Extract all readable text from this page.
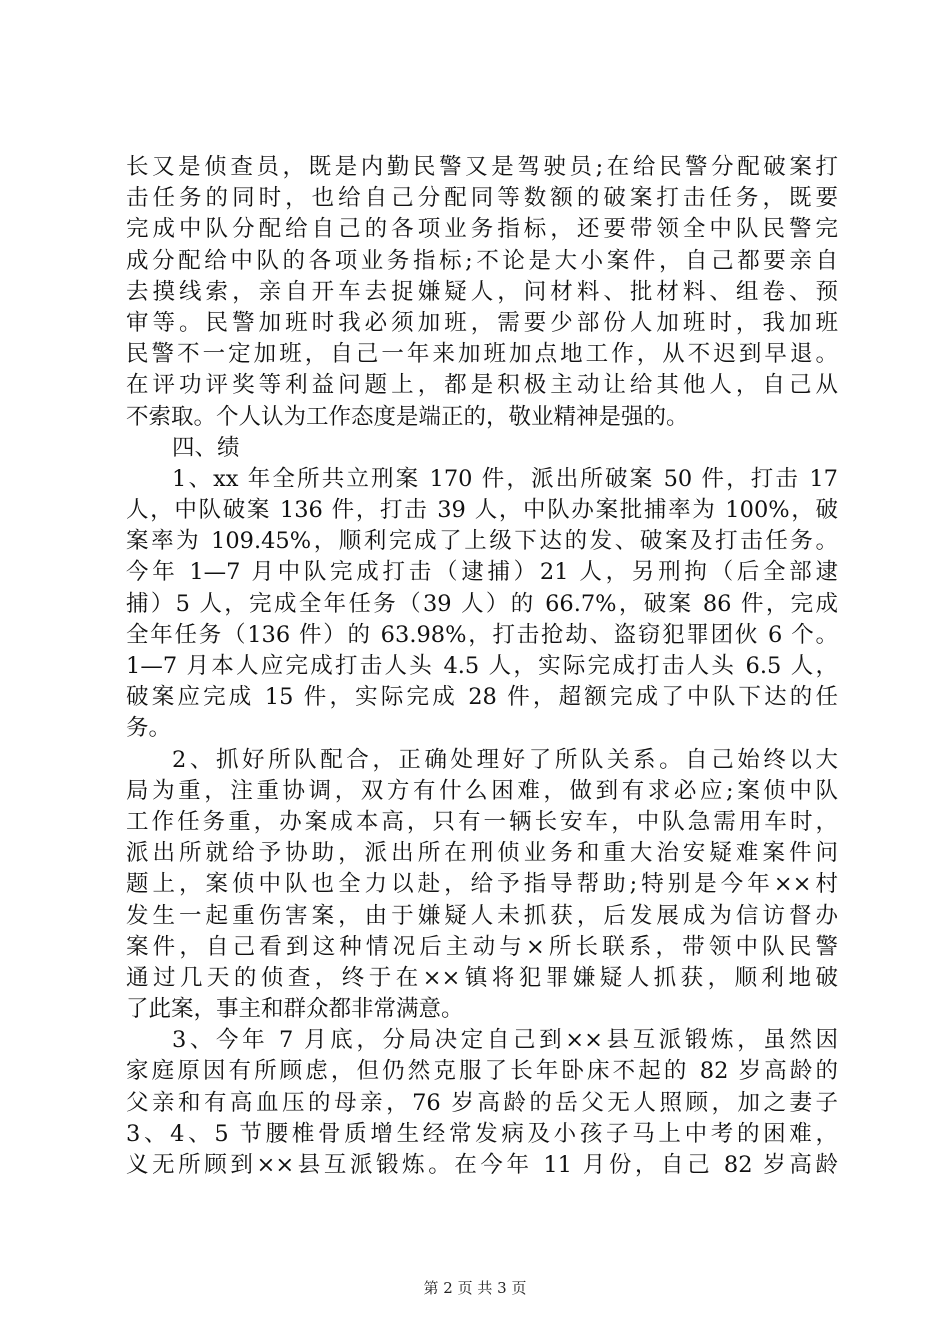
长又是侦查员，既是内勤民警又是驾驶员;在给民警分配破案打
击任务的同时，也给自己分配同等数额的破案打击任务，既要
完成中队分配给自己的各项业务指标，还要带领全中队民警完
成分配给中队的各项业务指标;不论是大小案件，自己都要亲自
去摸线索，亲自开车去捉嫌疑人，问材料、批材料、组卷、预
审等。民警加班时我必须加班，需要少部份人加班时，我加班
民警不一定加班，自己一年来加班加点地工作，从不迟到早退。
在评功评奖等利益问题上，都是积极主动让给其他人，自己从
不索取。个人认为工作态度是端正的，敬业精神是强的。
四、绩
1、xx 年全所共立刑案 170 件，派出所破案 50 件，打击 17
人，中队破案 136 件，打击 39 人，中队办案批捕率为 100%，破
案率为 109.45%，顺利完成了上级下达的发、破案及打击任务。
今年 1—7 月中队完成打击（逮捕）21 人，另刑拘（后全部逮
捕）5 人，完成全年任务（39 人）的 66.7%，破案 86 件，完成
全年任务（136 件）的 63.98%，打击抢劫、盗窃犯罪团伙 6 个。
1—7 月本人应完成打击人头 4.5 人，实际完成打击人头 6.5 人，
破案应完成 15 件，实际完成 28 件，超额完成了中队下达的任
务。
2、抓好所队配合，正确处理好了所队关系。自己始终以大
局为重，注重协调，双方有什么困难，做到有求必应;案侦中队
工作任务重，办案成本高，只有一辆长安车，中队急需用车时，
派出所就给予协助，派出所在刑侦业务和重大治安疑难案件问
题上，案侦中队也全力以赴，给予指导帮助;特别是今年××村
发生一起重伤害案，由于嫌疑人未抓获，后发展成为信访督办
案件，自己看到这种情况后主动与×所长联系，带领中队民警
通过几天的侦查，终于在××镇将犯罪嫌疑人抓获，顺利地破
了此案，事主和群众都非常满意。
3、今年 7 月底，分局决定自己到××县互派锻炼，虽然因
家庭原因有所顾虑，但仍然克服了长年卧床不起的 82 岁高龄的
父亲和有高血压的母亲，76 岁高龄的岳父无人照顾，加之妻子
3、4、5 节腰椎骨质增生经常发病及小孩子马上中考的困难，
义无所顾到××县互派锻炼。在今年 11 月份，自己 82 岁高龄
第 2 页 共 3 页
